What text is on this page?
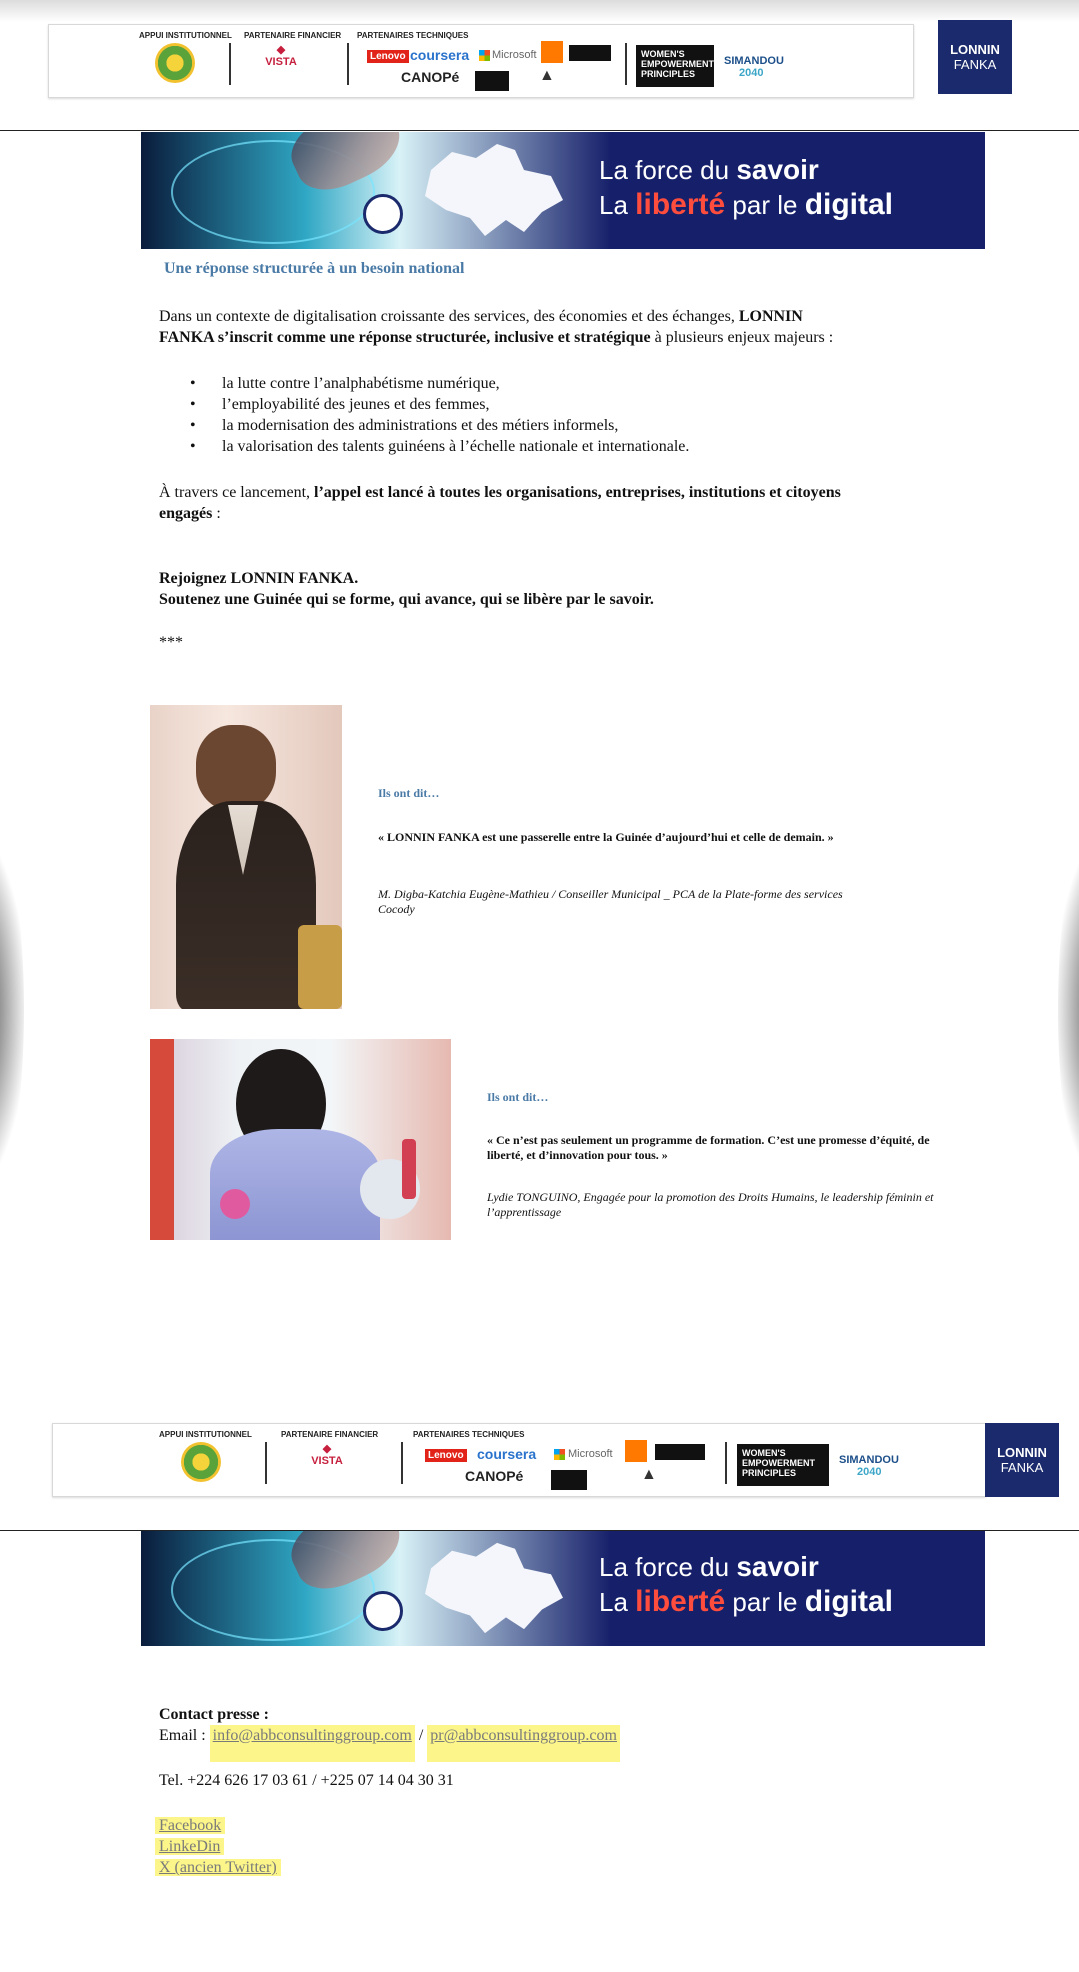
APPUI INSTITUTIONNEL PARTENAIRE FINANCIER PARTENAIRES TECHNIQUES
◆
VISTA	Lenovo coursera Microsoft
CANOPé	▲
WOMEN'S
EMPOWERMENT
PRINCIPLES
SIMANDOU
2040
LONNIN
FANKA
La force du savoir
La liberté par le digital
Une réponse structurée à un besoin national
Dans un contexte de digitalisation croissante des services, des économies et des échanges, LONNIN
FANKA s’inscrit comme une réponse structurée, inclusive et stratégique à plusieurs enjeux majeurs :
• la lutte contre l’analphabétisme numérique,
• l’employabilité des jeunes et des femmes,
• la modernisation des administrations et des métiers informels,
• la valorisation des talents guinéens à l’échelle nationale et internationale.
À travers ce lancement, l’appel est lancé à toutes les organisations, entreprises, institutions et citoyens
engagés :
Rejoignez LONNIN FANKA.
Soutenez une Guinée qui se forme, qui avance, qui se libère par le savoir.
***
Ils ont dit…
« LONNIN FANKA est une passerelle entre la Guinée d’aujourd’hui et celle de demain. »
M. Digba-Katchia Eugène-Mathieu / Conseiller Municipal _ PCA de la Plate-forme des services
Cocody
Ils ont dit…
« Ce n’est pas seulement un programme de formation. C’est une promesse d’équité, de
liberté, et d’innovation pour tous. »
Lydie TONGUINO, Engagée pour la promotion des Droits Humains, le leadership féminin et
l’apprentissage
APPUI INSTITUTIONNEL	PARTENAIRE FINANCIER	PARTENAIRES TECHNIQUES
◆
VISTA	Lenovo coursera	Microsoft
CANOPé	▲
WOMEN'S
EMPOWERMENT
PRINCIPLES
SIMANDOU
2040
LONNIN
FANKA
La force du savoir
La liberté par le digital
Contact presse :
Email : info@abbconsultinggroup.com / pr@abbconsultinggroup.com
Tel. +224 626 17 03 61 / +225 07 14 04 30 31
Facebook
LinkeDin
X (ancien Twitter)
